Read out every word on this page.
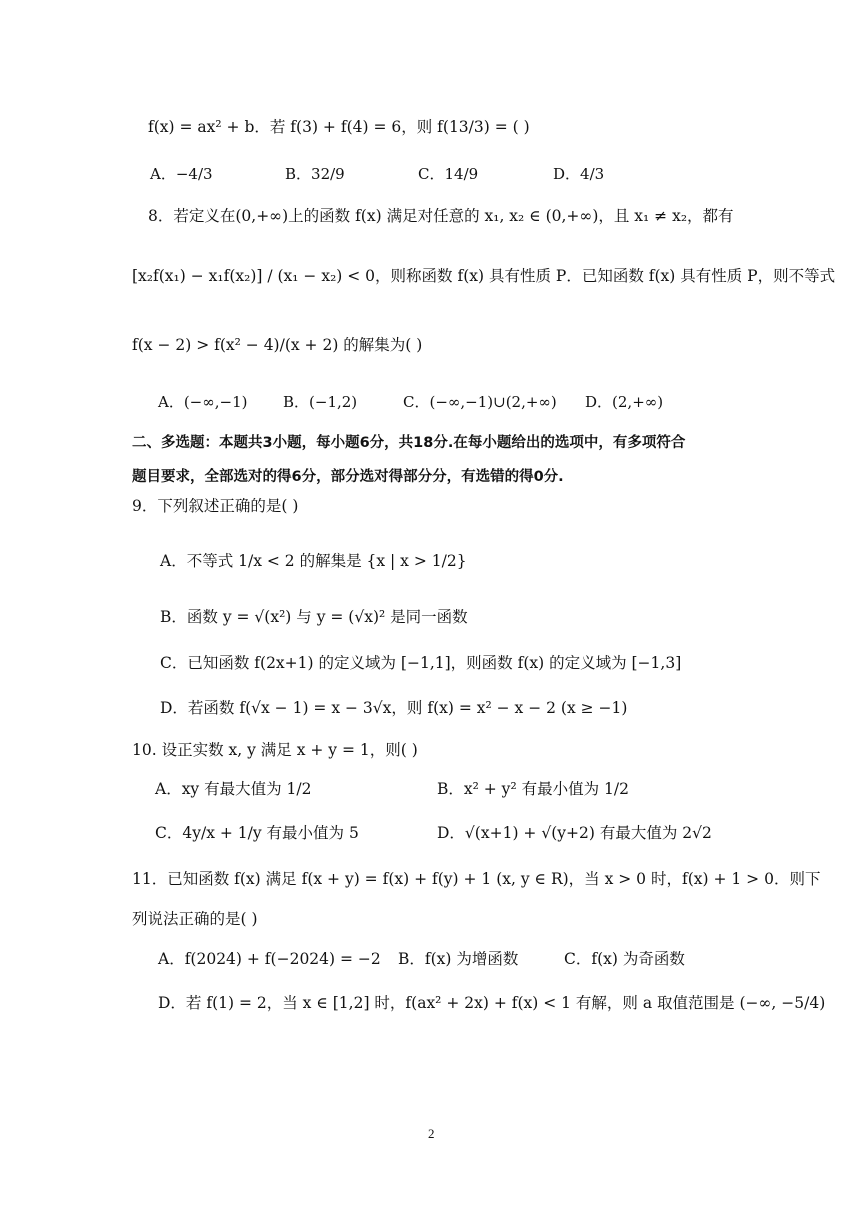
f(x) = ax² + b．若 f(3) + f(4) = 6，则 f(13/3) = ( )
A．−4/3	B．32/9	C．14/9	D．4/3
8．若定义在(0,+∞)上的函数 f(x) 满足对任意的 x₁, x₂ ∈ (0,+∞)，且 x₁ ≠ x₂，都有
[x₂f(x₁) − x₁f(x₂)] / (x₁ − x₂) < 0，则称函数 f(x) 具有性质 P．已知函数 f(x) 具有性质 P，则不等式
f(x − 2) > f(x² − 4)/(x + 2) 的解集为( )
A．(−∞,−1) B．(−1,2)	C．(−∞,−1)∪(2,+∞) D．(2,+∞)
二、多选题：本题共3小题，每小题6分，共18分.在每小题给出的选项中，有多项符合
题目要求，全部选对的得6分，部分选对得部分分，有选错的得0分.
9．下列叙述正确的是( )
A．不等式 1/x < 2 的解集是 {x | x > 1/2}
B．函数 y = √(x²) 与 y = (√x)² 是同一函数
C．已知函数 f(2x+1) 的定义域为 [−1,1]，则函数 f(x) 的定义域为 [−1,3]
D．若函数 f(√x − 1) = x − 3√x，则 f(x) = x² − x − 2 (x ≥ −1)
10. 设正实数 x, y 满足 x + y = 1，则( )
A．xy 有最大值为 1/2	B．x² + y² 有最小值为 1/2
C．4y/x + 1/y 有最小值为 5	D．√(x+1) + √(y+2) 有最大值为 2√2
11．已知函数 f(x) 满足 f(x + y) = f(x) + f(y) + 1 (x, y ∈ R)，当 x > 0 时，f(x) + 1 > 0．则下
列说法正确的是( )
A．f(2024) + f(−2024) = −2 B．f(x) 为增函数	C．f(x) 为奇函数
D．若 f(1) = 2，当 x ∈ [1,2] 时，f(ax² + 2x) + f(x) < 1 有解，则 a 取值范围是 (−∞, −5/4)
2
